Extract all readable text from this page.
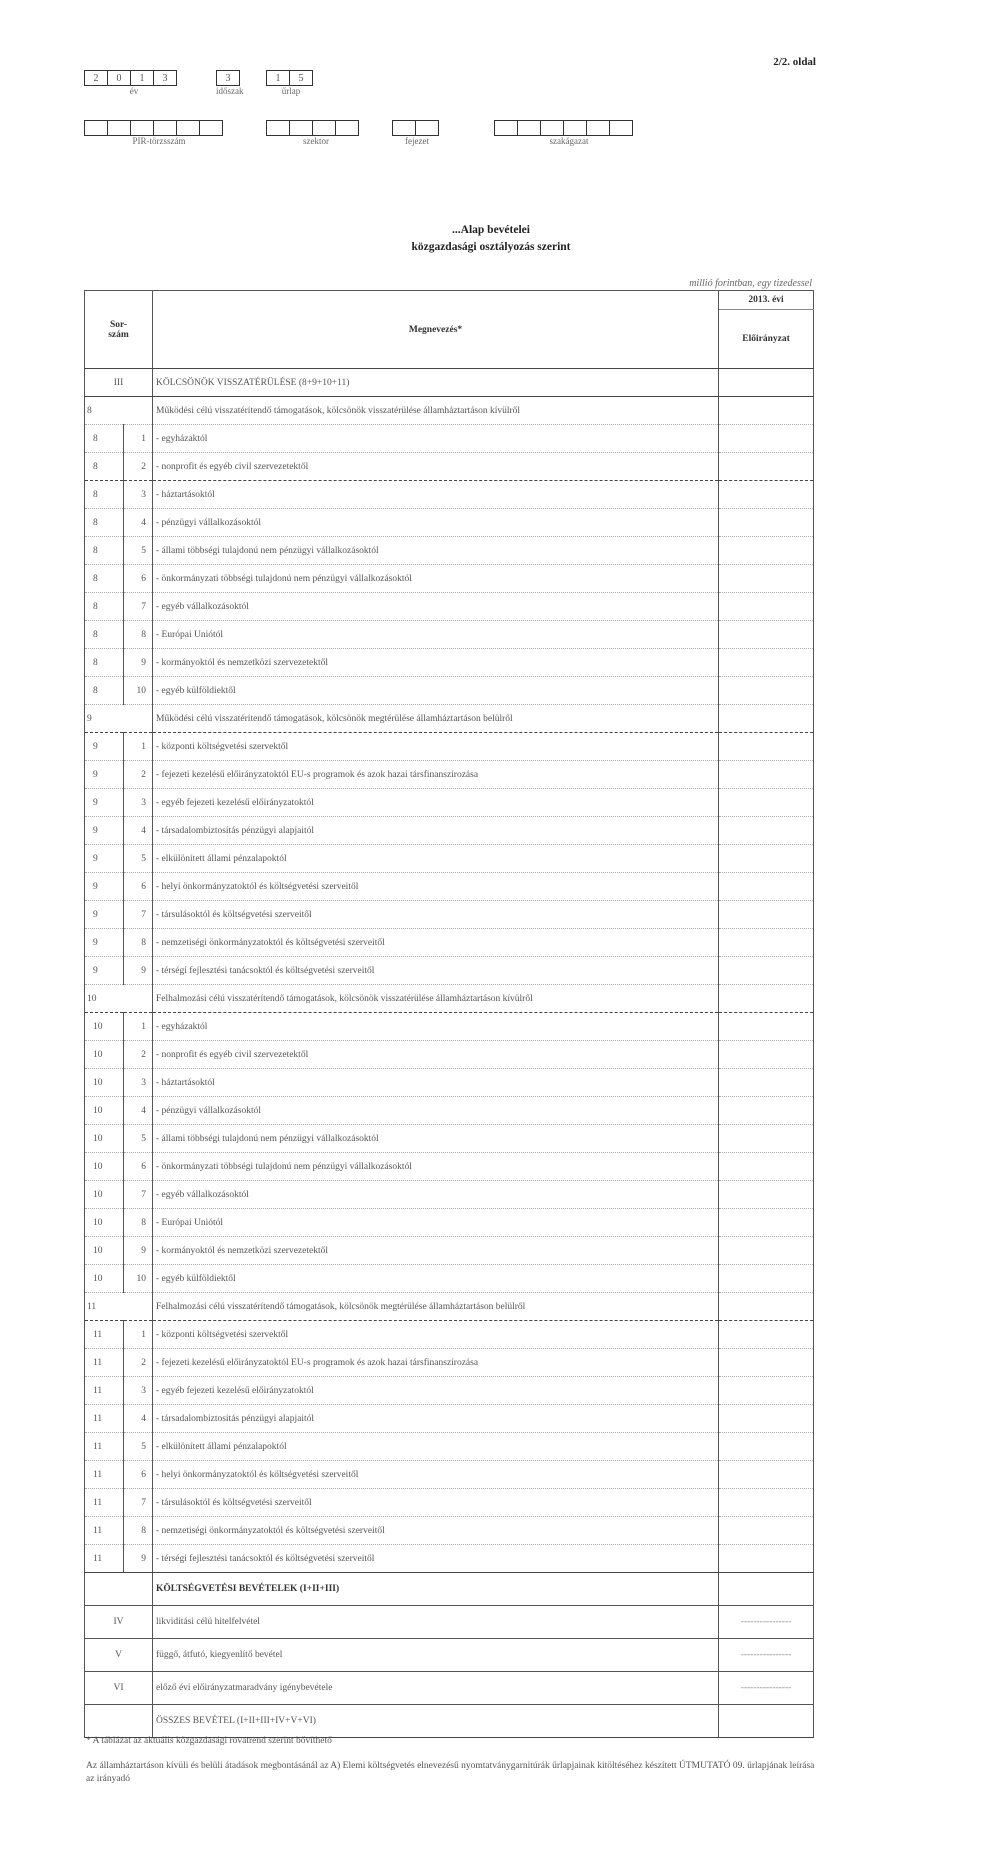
2/2. oldal
2	0	1	3
év
3
időszak
1	5
űrlap
PIR-törzsszám	szektor	fejezet	szakágazat
...Alap bevételei
közgazdasági osztályozás szerint
millió forintban, egy tizedessel
Sor-
szám		Megnevezés*	2013. évi
			Előirányzat
III		KÖLCSÖNÖK VISSZATÉRÜLÉSE (8+9+10+11)	
8		Működési célú visszatérítendő támogatások, kölcsönök visszatérülése államháztartáson kívülről	
8	1	- egyházaktól	
8	2	- nonprofit és egyéb civil szervezetektől	
8	3	- háztartásoktól	
8	4	- pénzügyi vállalkozásoktól	
8	5	- állami többségi tulajdonú nem pénzügyi vállalkozásoktól	
8	6	- önkormányzati többségi tulajdonú nem pénzügyi vállalkozásoktól	
8	7	- egyéb vállalkozásoktól	
8	8	- Európai Uniótól	
8	9	- kormányoktól és nemzetközi szervezetektől	
8	10	- egyéb külföldiektől	
9		Működési célú visszatérítendő támogatások, kölcsönök megtérülése államháztartáson belülről	
9	1	- központi költségvetési szervektől	
9	2	- fejezeti kezelésű előirányzatoktól EU-s programok és azok hazai társfinanszírozása	
9	3	- egyéb fejezeti kezelésű előirányzatoktól	
9	4	- társadalombiztosítás pénzügyi alapjaitól	
9	5	- elkülönített állami pénzalapoktól	
9	6	- helyi önkormányzatoktól és költségvetési szerveitől	
9	7	- társulásoktól és költségvetési szerveitől	
9	8	- nemzetiségi önkormányzatoktól és költségvetési szerveitől	
9	9	- térségi fejlesztési tanácsoktól és költségvetési szerveitől	
10		Felhalmozási célú visszatérítendő támogatások, kölcsönök visszatérülése államháztartáson kívülről	
10	1	- egyházaktól	
10	2	- nonprofit és egyéb civil szervezetektől	
10	3	- háztartásoktól	
10	4	- pénzügyi vállalkozásoktól	
10	5	- állami többségi tulajdonú nem pénzügyi vállalkozásoktól	
10	6	- önkormányzati többségi tulajdonú nem pénzügyi vállalkozásoktól	
10	7	- egyéb vállalkozásoktól	
10	8	- Európai Uniótól	
10	9	- kormányoktól és nemzetközi szervezetektől	
10	10	- egyéb külföldiektől	
11		Felhalmozási célú visszatérítendő támogatások, kölcsönök megtérülése államháztartáson belülről	
11	1	- központi költségvetési szervektől	
11	2	- fejezeti kezelésű előirányzatoktól EU-s programok és azok hazai társfinanszírozása	
11	3	- egyéb fejezeti kezelésű előirányzatoktól	
11	4	- társadalombiztosítás pénzügyi alapjaitól	
11	5	- elkülönített állami pénzalapoktól	
11	6	- helyi önkormányzatoktól és költségvetési szerveitől	
11	7	- társulásoktól és költségvetési szerveitől	
11	8	- nemzetiségi önkormányzatoktól és költségvetési szerveitől	
11	9	- térségi fejlesztési tanácsoktól és költségvetési szerveitől	
		KÖLTSÉGVETÉSI BEVÉTELEK (I+II+III)	
IV		likviditási célú hitelfelvétel	----------------
V		függő, átfutó, kiegyenlítő bevétel	----------------
VI		előző évi előirányzatmaradvány igénybevétele	----------------
		ÖSSZES BEVÉTEL (I+II+III+IV+V+VI)	
* A táblázat az aktuális közgazdasági rovatrend szerint bővíthető
Az államháztartáson kívüli és belüli átadások megbontásánál az A) Elemi költségvetés elnevezésű nyomtatványgarnitúrák űrlapjainak kitöltéséhez készített ÚTMUTATÓ 09. űrlapjának leírása az irányadó
